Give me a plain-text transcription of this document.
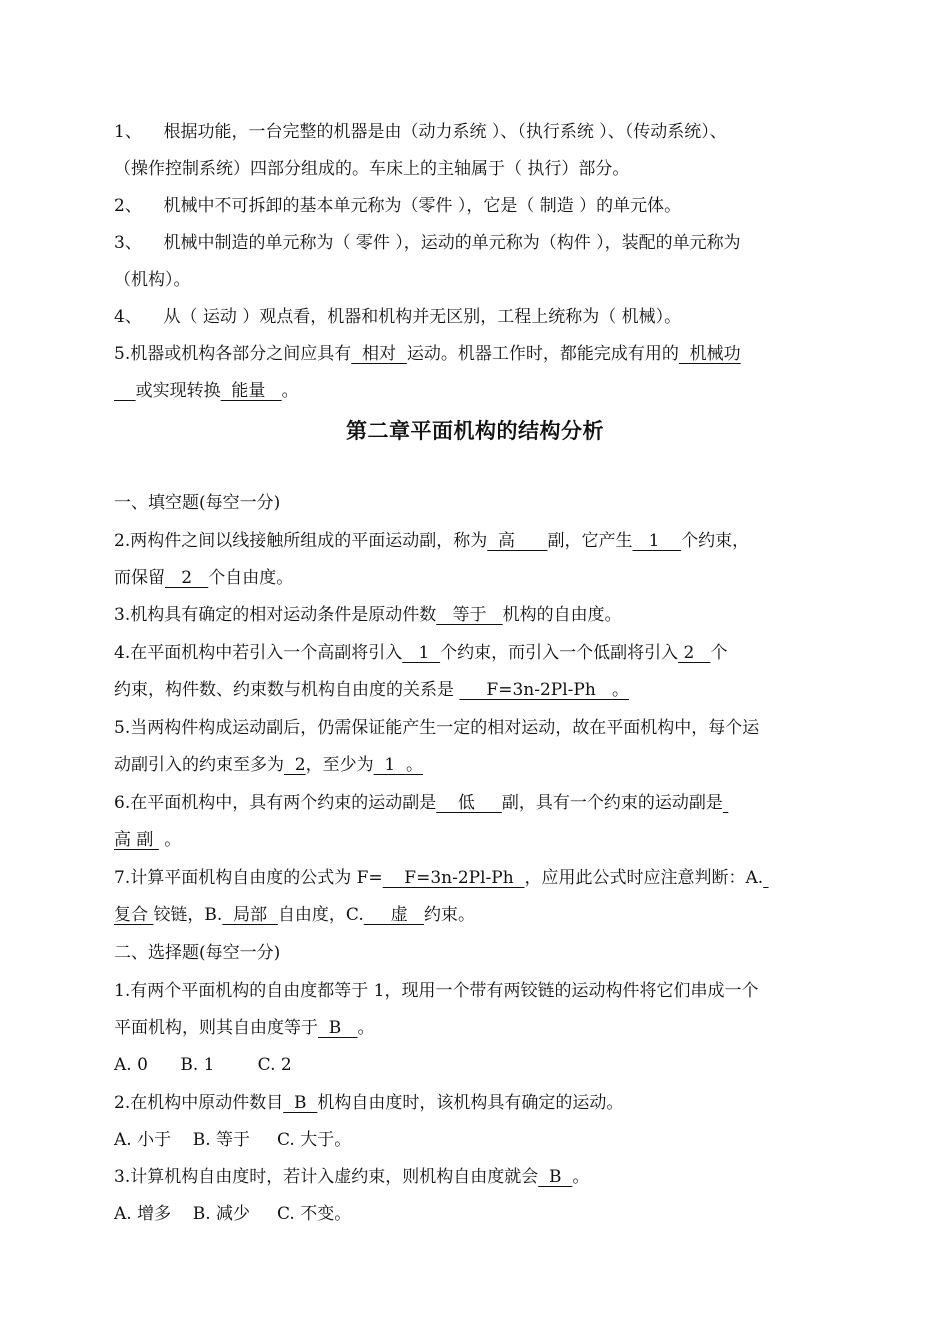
1、 根据功能，一台完整的机器是由（动力系统 ）、（执行系统 ）、（传动系统）、
（操作控制系统）四部分组成的。车床上的主轴属于（ 执行）部分。
2、 机械中不可拆卸的基本单元称为（零件 ），它是（ 制造 ）的单元体。
3、 机械中制造的单元称为（ 零件 ），运动的单元称为（构件 ），装配的单元称为
（机构）。
4、 从（ 运动 ）观点看，机器和机构并无区别，工程上统称为（ 机械）。
5.机器或机构各部分之间应具有  相对  运动。机器工作时，都能完成有用的  机械功
或实现转换  能量   。
第二章平面机构的结构分析
一、填空题(每空一分)
2.两构件之间以线接触所组成的平面运动副，称为  高      副，它产生   1    个约束，
而保留   2   个自由度。
3.机构具有确定的相对运动条件是原动件数   等于   机构的自由度。
4.在平面机构中若引入一个高副将引入   1  个约束，而引入一个低副将引入 2   个
约束，构件数、约束数与机构自由度的关系是      F=3n-2Pl-Ph   。
5.当两构件构成运动副后，仍需保证能产生一定的相对运动，故在平面机构中，每个运
动副引入的约束至多为  2，至少为  1  。
6.在平面机构中，具有两个约束的运动副是    低     副，具有一个约束的运动副是
高 副  。
7.计算平面机构自由度的公式为 F=    F=3n-2Pl-Ph  ，应用此公式时应注意判断：A.
复合 铰链，B.  局部  自由度，C.     虚   约束。
二、选择题(每空一分)
1.有两个平面机构的自由度都等于 1，现用一个带有两铰链的运动构件将它们串成一个
平面机构，则其自由度等于  B   。
A. 0      B. 1        C. 2
2.在机构中原动件数目  B  机构自由度时，该机构具有确定的运动。
A. 小于    B. 等于     C. 大于。
3.计算机构自由度时，若计入虚约束，则机构自由度就会  B  。
A. 增多    B. 减少     C. 不变。
